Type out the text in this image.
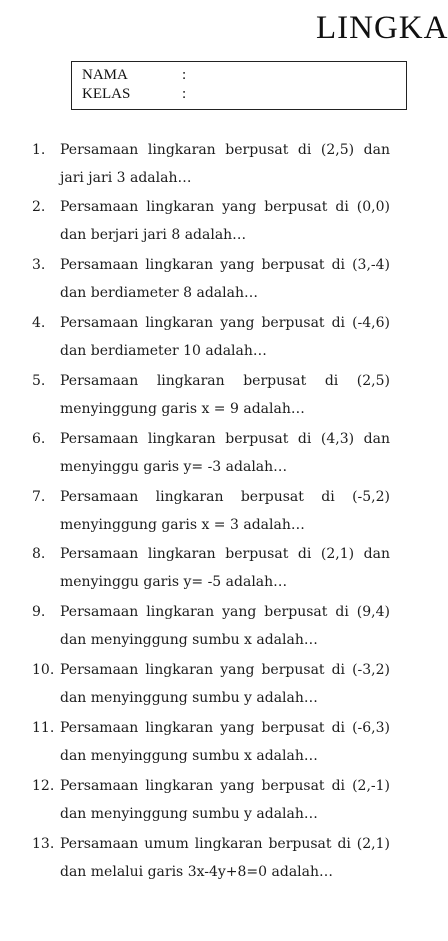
LINGKA
NAMA	:
KELAS	:
1. Persamaan lingkaran berpusat di (2,5) dan jari jari 3 adalah…
2. Persamaan lingkaran yang berpusat di (0,0) dan berjari jari 8 adalah…
3. Persamaan lingkaran yang berpusat di (3,-4) dan berdiameter 8 adalah…
4. Persamaan lingkaran yang berpusat di (-4,6) dan berdiameter 10 adalah…
5. Persamaan lingkaran berpusat di (2,5) menyinggung garis x = 9 adalah…
6. Persamaan lingkaran berpusat di (4,3) dan menyinggu garis y= -3 adalah…
7. Persamaan lingkaran berpusat di (-5,2) menyinggung garis x = 3 adalah…
8. Persamaan lingkaran berpusat di (2,1) dan menyinggu garis y= -5 adalah…
9. Persamaan lingkaran yang berpusat di (9,4) dan menyinggung sumbu x adalah…
10. Persamaan lingkaran yang berpusat di (-3,2) dan menyinggung sumbu y adalah…
11. Persamaan lingkaran yang berpusat di (-6,3) dan menyinggung sumbu x adalah…
12. Persamaan lingkaran yang berpusat di (2,-1) dan menyinggung sumbu y adalah…
13. Persamaan umum lingkaran berpusat di (2,1) dan melalui garis 3x-4y+8=0 adalah…
